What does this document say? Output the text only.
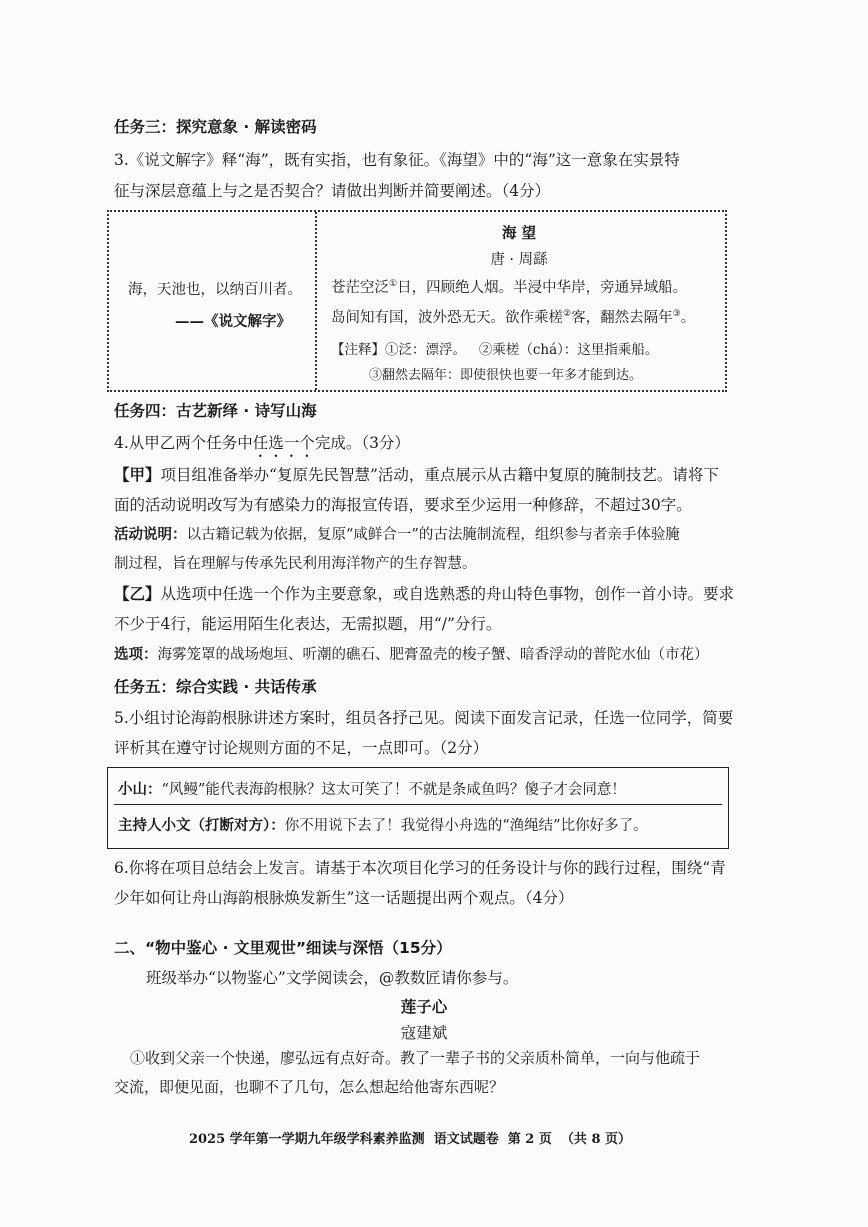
任务三：探究意象 · 解读密码
3.《说文解字》释“海”，既有实指，也有象征。《海望》中的“海”这一意象在实景特
征与深层意蕴上与之是否契合？请做出判断并简要阐述。（4分）
海，天池也，以纳百川者。
——《说文解字》
海 望
唐 · 周繇
苍茫空泛①日，四顾绝人烟。半浸中华岸，旁通异域船。
岛间知有国，波外恐无天。欲作乘槎②客，翻然去隔年③。
【注释】①泛：漂浮。   ②乘槎（chá）：这里指乘船。
③翻然去隔年：即使很快也要一年多才能到达。
任务四：古艺新绎 · 诗写山海
4.从甲乙两个任务中任选一个完成。（3分）
【甲】项目组准备举办“复原先民智慧”活动，重点展示从古籍中复原的腌制技艺。请将下
面的活动说明改写为有感染力的海报宣传语，要求至少运用一种修辞，不超过30字。
活动说明：以古籍记载为依据，复原“咸鲜合一”的古法腌制流程，组织参与者亲手体验腌
制过程，旨在理解与传承先民利用海洋物产的生存智慧。
【乙】从选项中任选一个作为主要意象，或自选熟悉的舟山特色事物，创作一首小诗。要求
不少于4行，能运用陌生化表达，无需拟题，用“/”分行。
选项：海雾笼罩的战场炮垣、听潮的礁石、肥膏盈壳的梭子蟹、暗香浮动的普陀水仙（市花）
任务五：综合实践 · 共话传承
5.小组讨论海韵根脉讲述方案时，组员各抒己见。阅读下面发言记录，任选一位同学，简要
评析其在遵守讨论规则方面的不足，一点即可。（2分）
小山：“风鳗”能代表海韵根脉？这太可笑了！不就是条咸鱼吗？傻子才会同意！
主持人小文（打断对方）：你不用说下去了！我觉得小舟选的“渔绳结”比你好多了。
6.你将在项目总结会上发言。请基于本次项目化学习的任务设计与你的践行过程，围绕“青
少年如何让舟山海韵根脉焕发新生”这一话题提出两个观点。（4分）
二、“物中鉴心 · 文里观世”细读与深悟（15分）
班级举办“以物鉴心”文学阅读会，@教数匠请你参与。
莲子心
寇建斌
①收到父亲一个快递，廖弘远有点好奇。教了一辈子书的父亲质朴简单，一向与他疏于
交流，即便见面，也聊不了几句，怎么想起给他寄东西呢？
2025 学年第一学期九年级学科素养监测  语文试题卷  第 2 页  （共 8 页）
